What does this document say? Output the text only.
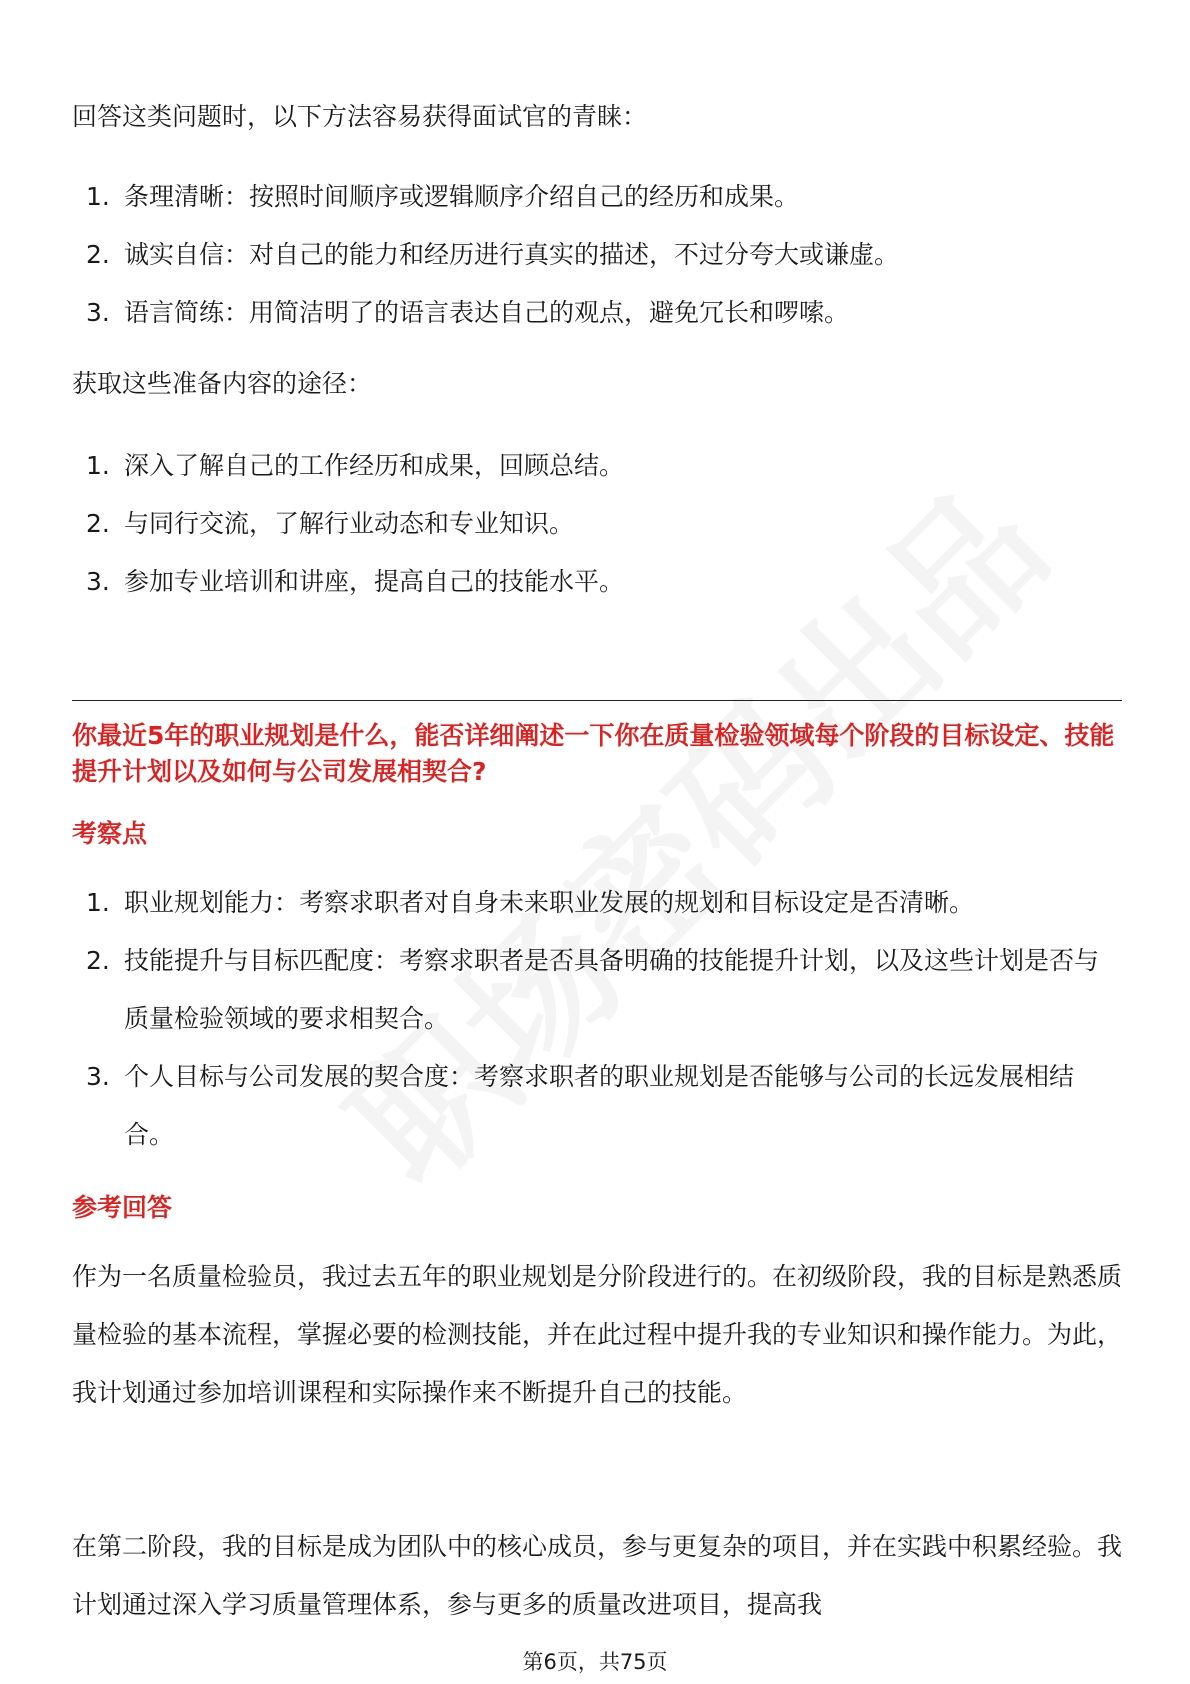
回答这类问题时，以下方法容易获得面试官的青睐：

1. 条理清晰：按照时间顺序或逻辑顺序介绍自己的经历和成果。
2. 诚实自信：对自己的能力和经历进行真实的描述，不过分夸大或谦虚。
3. 语言简练：用简洁明了的语言表达自己的观点，避免冗长和啰嗦。

获取这些准备内容的途径：

1. 深入了解自己的工作经历和成果，回顾总结。
2. 与同行交流，了解行业动态和专业知识。
3. 参加专业培训和讲座，提高自己的技能水平。

你最近5年的职业规划是什么，能否详细阐述一下你在质量检验领域每个阶段的目标设定、技能提升计划以及如何与公司发展相契合?

考察点

1. 职业规划能力：考察求职者对自身未来职业发展的规划和目标设定是否清晰。
2. 技能提升与目标匹配度：考察求职者是否具备明确的技能提升计划，以及这些计划是否与质量检验领域的要求相契合。
3. 个人目标与公司发展的契合度：考察求职者的职业规划是否能够与公司的长远发展相结合。

参考回答

作为一名质量检验员，我过去五年的职业规划是分阶段进行的。在初级阶段，我的目标是熟悉质量检验的基本流程，掌握必要的检测技能，并在此过程中提升我的专业知识和操作能力。为此，我计划通过参加培训课程和实际操作来不断提升自己的技能。

在第二阶段，我的目标是成为团队中的核心成员，参与更复杂的项目，并在实践中积累经验。我计划通过深入学习质量管理体系，参与更多的质量改进项目，提高我

第6页，共75页
